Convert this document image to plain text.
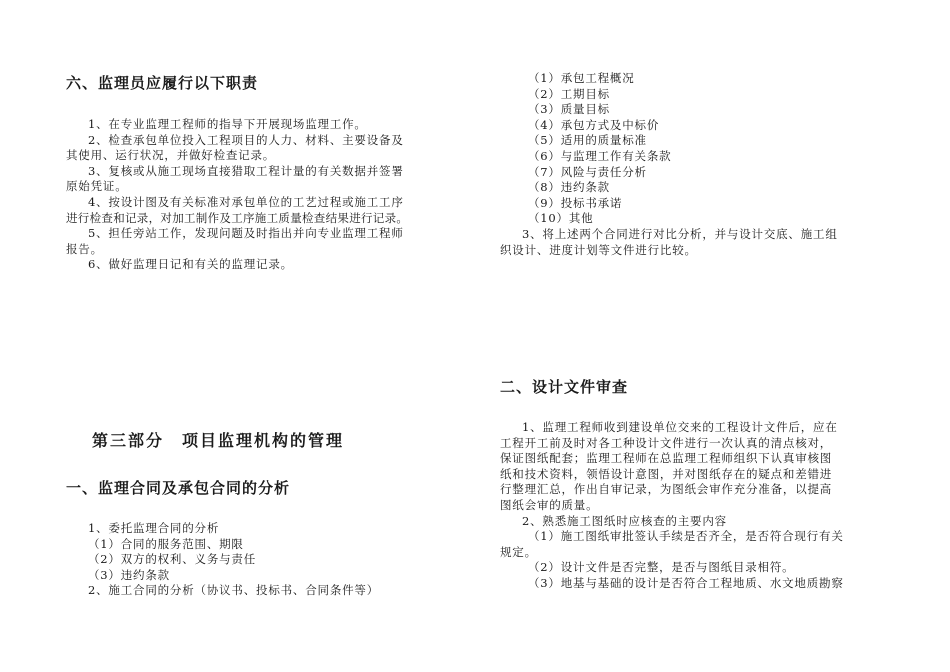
六、监理员应履行以下职责
1、在专业监理工程师的指导下开展现场监理工作。
2、检查承包单位投入工程项目的人力、材料、主要设备及
其使用、运行状况，并做好检查记录。
3、复核或从施工现场直接猎取工程计量的有关数据并签署
原始凭证。
4、按设计图及有关标准对承包单位的工艺过程或施工工序
进行检查和记录，对加工制作及工序施工质量检查结果进行记录。
5、担任旁站工作，发现问题及时指出并向专业监理工程师
报告。
6、做好监理日记和有关的监理记录。
第三部分　项目监理机构的管理
一、监理合同及承包合同的分析
1、委托监理合同的分析
（1）合同的服务范围、期限
（2）双方的权利、义务与责任
（3）违约条款
2、施工合同的分析（协议书、投标书、合同条件等）
（1）承包工程概况
（2）工期目标
（3）质量目标
（4）承包方式及中标价
（5）适用的质量标准
（6）与监理工作有关条款
（7）风险与责任分析
（8）违约条款
（9）投标书承诺
（10）其他
3、将上述两个合同进行对比分析，并与设计交底、施工组
织设计、进度计划等文件进行比较。
二、设计文件审查
1、监理工程师收到建设单位交来的工程设计文件后，应在
工程开工前及时对各工种设计文件进行一次认真的清点核对，
保证图纸配套；监理工程师在总监理工程师组织下认真审核图
纸和技术资料，领悟设计意图，并对图纸存在的疑点和差错进
行整理汇总，作出自审记录，为图纸会审作充分准备，以提高
图纸会审的质量。
2、熟悉施工图纸时应核查的主要内容
（1）施工图纸审批签认手续是否齐全，是否符合现行有关
规定。
（2）设计文件是否完整，是否与图纸目录相符。
（3）地基与基础的设计是否符合工程地质、水文地质勘察
